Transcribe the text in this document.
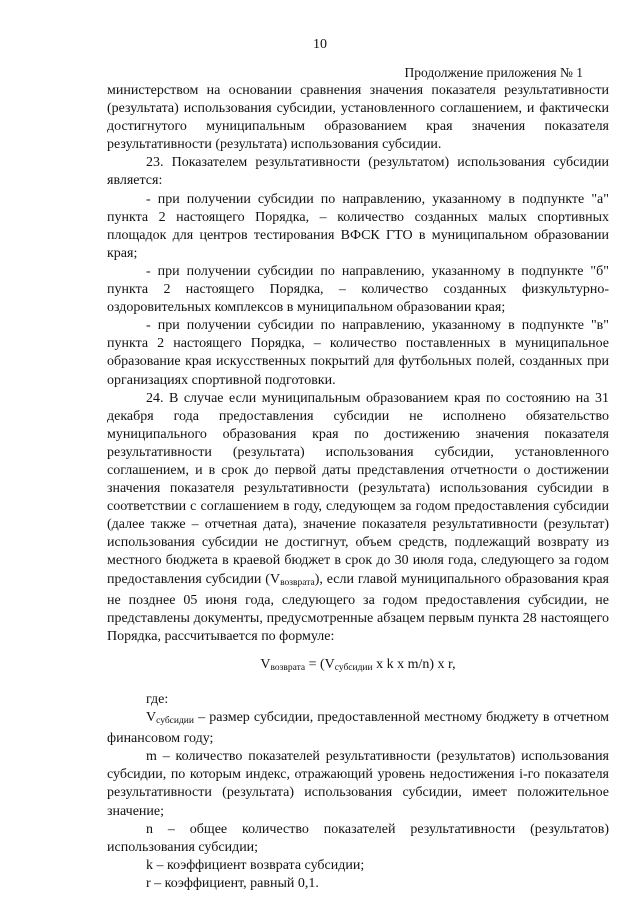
10
Продолжение приложения № 1

министерством на основании сравнения значения показателя результативности (результата) использования субсидии, установленного соглашением, и фактически достигнутого муниципальным образованием края значения показателя результативности (результата) использования субсидии.

23. Показателем результативности (результатом) использования субсидии является:

- при получении субсидии по направлению, указанному в подпункте "а" пункта 2 настоящего Порядка, – количество созданных малых спортивных площадок для центров тестирования ВФСК ГТО в муниципальном образовании края;

- при получении субсидии по направлению, указанному в подпункте "б" пункта 2 настоящего Порядка, – количество созданных физкультурно-оздоровительных комплексов в муниципальном образовании края;

- при получении субсидии по направлению, указанному в подпункте "в" пункта 2 настоящего Порядка, – количество поставленных в муниципальное образование края искусственных покрытий для футбольных полей, созданных при организациях спортивной подготовки.

24. В случае если муниципальным образованием края по состоянию на 31 декабря года предоставления субсидии не исполнено обязательство муниципального образования края по достижению значения показателя результативности (результата) использования субсидии, установленного соглашением, и в срок до первой даты представления отчетности о достижении значения показателя результативности (результата) использования субсидии в соответствии с соглашением в году, следующем за годом предоставления субсидии (далее также – отчетная дата), значение показателя результативности (результат) использования субсидии не достигнут, объем средств, подлежащий возврату из местного бюджета в краевой бюджет в срок до 30 июля года, следующего за годом предоставления субсидии $(V_{возврата})$, если главой муниципального образования края не позднее 05 июня года, следующего за годом предоставления субсидии, не представлены документы, предусмотренные абзацем первым пункта 28 настоящего Порядка, рассчитывается по формуле:

$V_{возврата} = (V_{субсидии}$ x k x m/n) x r,

где:

$V_{субсидии}$ – размер субсидии, предоставленной местному бюджету в отчетном финансовом году;

m – количество показателей результативности (результатов) использования субсидии, по которым индекс, отражающий уровень недостижения i-го показателя результативности (результата) использования субсидии, имеет положительное значение;

n – общее количество показателей результативности (результатов) использования субсидии;

k – коэффициент возврата субсидии;

r – коэффициент, равный 0,1.
